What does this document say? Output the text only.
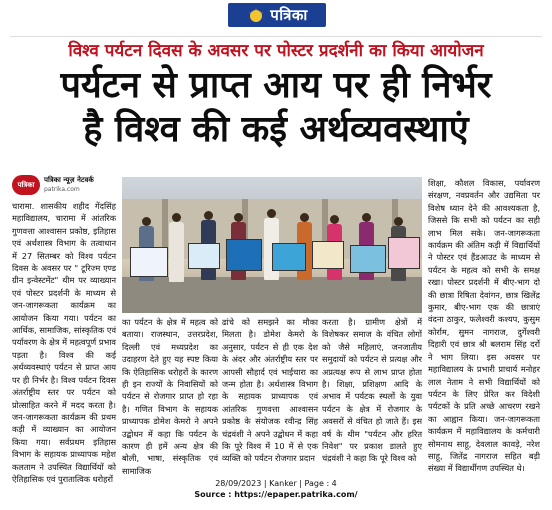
पत्रिका
विश्व पर्यटन दिवस के अवसर पर पोस्टर प्रदर्शनी का किया आयोजन
पर्यटन से प्राप्त आय पर ही निर्भर
है विश्व की कई अर्थव्यवस्थाएं
पत्रिका
पत्रिका न्यूज़ नेटवर्क
patrika.com

चारामा. शासकीय शहीद गेंदसिंह महाविद्यालय, चारामा में आंतरिक गुणवत्ता आश्वासन प्रकोष्ठ, इतिहास एवं अर्थशास्त्र विभाग के तत्वाधान में 27 सितम्बर को विश्व पर्यटन दिवस के अवसर पर " टूरिज्म एण्ड ग्रीन इन्वेस्टमेंट" थीम पर व्याख्यान एवं पोस्टर प्रदर्शनी के माध्यम से जन-जागरूकता कार्यक्रम का आयोजन किया गया। पर्यटन का आर्थिक, सामाजिक, सांस्कृतिक एवं पर्यावरण के क्षेत्र में महत्वपूर्ण प्रभाव पड़ता है। विश्व की कई अर्थव्यवस्थाएं पर्यटन से प्राप्त आय पर ही निर्भर है। विश्व पर्यटन दिवस अंतर्राष्ट्रीय स्तर पर पर्यटन को प्रोत्साहित करने में मदद करता है। जन-जागरूकता कार्यक्रम की प्रथम कड़ी में व्याख्यान का आयोजन किया गया। सर्वप्रथम इतिहास विभाग के सहायक प्राध्यापक महेश कलताम ने उपस्थित विद्यार्थियों को ऐतिहासिक एवं पुरातात्विक धरोहरों

का पर्यटन के क्षेत्र में महत्व को बताया। राजस्थान, उत्तरप्रदेश, दिल्ली एवं मध्यप्रदेश का उदाहरण देते हुए यह स्पष्ट किया कि ऐतिहासिक धरोहरों के कारण ही इन राज्यों के निवासियों को पर्यटन से रोजगार प्राप्त हो रहा है। गणित विभाग के सहायक प्राध्यापक डोमेश केमरो ने अपने उद्बोधन में कहा कि पर्यटन के कारण ही हमें अन्य क्षेत्र की बोली, भाषा, संस्कृतिक एवं सामाजिक

ढांचे को समझने का मौका मिलता है। डोमेश केमरो के अनुसार, पर्यटन से ही एक देश के अंदर और अंतर्राष्ट्रीय स्तर पर आपसी सौहार्द एवं भाईचारा का जन्म होता है। अर्थशास्त्र विभाग के सहायक प्राध्यापक एवं आंतरिक गुणवत्ता आश्वासन प्रकोष्ठ के संयोजक रवीन्द्र सिंह चंद्रवंशी ने अपने उद्बोधन में कहा कि पूरे विश्व में 10 में से एक व्यक्ति को पर्यटन रोजगार प्रदान

करता है। ग्रामीण क्षेत्रों में विशेषकर समाज के वंचित लोगों को जैसे महिलाएं, जनजातीय समुदायों को पर्यटन से प्रत्यक्ष और अप्रत्यक्ष रूप से लाभ प्राप्त होता है। शिक्षा, प्रशिक्षण आदि के अभाव में पर्यटक स्थलों के युवा पर्यटन के क्षेत्र में रोजगार के अवसरों से वंचित हो जाते हैं। इस वर्ष के थीम "पर्यटन और हरित निवेश" पर प्रकाश डालते हुए चंद्रवंशी ने कहा कि पूरे विश्व को

शिक्षा, कौशल विकास, पर्यावरण संरक्षण, नवप्रवर्तन और उद्यमिता पर विशेष ध्यान देने की आवश्यकता है, जिससे कि सभी को पर्यटन का सही लाभ मिल सके। जन-जागरूकता कार्यक्रम की अंतिम कड़ी में विद्यार्थियों ने पोस्टर एवं हैंडआउट के माध्यम से पर्यटन के महत्व को सभी के समक्ष रखा। पोस्टर प्रदर्शनी में बीए-भाग दो की छात्रा रिषिता देवांगन, छात्र खिलेंद्र कुमार, बीए-भाग एक की छात्राएं वंदना ठाकुर, फलेश्वरी कश्यप, कुसुम कोर्राम, सुमन नागराज, दुर्गेश्वरी दिहारी एवं छात्र श्री बलराम सिंह दर्रो ने भाग लिया। इस अवसर पर महाविद्यालय के प्रभारी प्राचार्य मनोहर लाल नेताम ने सभी विद्यार्थियों को पर्यटन के लिए प्रेरित कर विदेशी पर्यटकों के प्रति अच्छे आचरण रखने का आह्वान किया। जन-जागरूकता कार्यक्रम में महाविद्यालय के कर्मचारी सोमनाथ साहू, देवलाल कावड़े, नरेश साहू, जितेंद्र नागराज सहित बड़ी संख्या में विद्यार्थीगण उपस्थित थे।

28/09/2023 | Kanker | Page : 4
Source : https://epaper.patrika.com/
